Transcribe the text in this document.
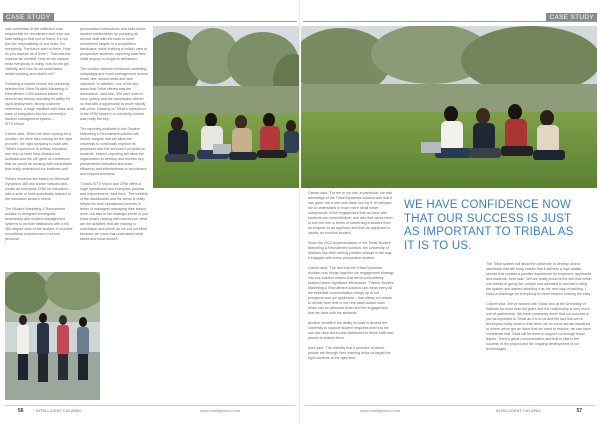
CASE STUDY

was overdrawn in the institution was responsible for recruitment and once you start talking in that sort of frame, it's not just the responsibility of one team. It's everybody. The future start to them, 'How do you capture all of them?' That was the impetus we needed. How do we capture what everybody is doing, how do we get visibility, and how do we understand what's working and what's not?'

Following a market review, the university selected the Tribal Student Marketing & Recruitment CRM solution based on several key factors including its ability for rapid deployment, strong customer references, a large installed user base and ease of integration into the university's student management system – SITS:Vision.

Calvert said: 'When we were looking for a solution, we were also looking for the right provider, the right company to work with. Tribal's experience in tertiary education can help us have New Zealand but Australia and the UK gave us confidence that we would be working with consultants that really understood our business well.'

Tribal's solutions are based on Microsoft Dynamics 365 and shown Waikato and create an enterprise CRM for education – with a suite of tools specifically tailored to the education sector's needs.

The Student Marketing & Recruitment solution is designed to integrate seamlessly with student management systems to provide institutions with a full 360-degree view of the student. It includes exceptional experiences to nurture personal

personalised interactions and build future student relationships by providing all service staff with the tools to meet recruitment targets in a competitive landscape, while building a holistic view of prospective students, capturing data from initial enquiry to length to admission.

The solution delivers enhanced marketing campaigns and event management across email, text, social media and web channels. 'In addition, one of the key areas that Tribal offered was the automation,' said him. 'We were keen to have quickly and the automation offered us that with a opportunity to move rapidly with price. Drawing on Tribal's experience in the CRM space in a university context was really the key.'

The reporting available in the Student Marketing & Recruitment solution will deliver insights that will allow the university to continually improve its processes and the services it provides to students. Indeed, reporting will allow the organisation to develop and monitor key performance indicators and drive efficiency and effectiveness in recruitment and support functions.

'Tribal's SITS Vision and CRM offers a huge operational and enterprise process and improvement,' said Kent. 'The visibility of the dashboards and the views is really helpful for both operational contexts in terms of managers managing their team's work, but also in the strategic sense of you know what's helping with conversion, what are the activities that are leading to conversion and where do we put our effort because we know that understand what works and what doesn't.'

56	INTELLIGENT CIO APAC	www.intelligentcio.com
CASE STUDY

Calvert said: 'For me in my role, in particular, the real advantage of the Tribal Dynamics solution was that it has given 'me a one-real class' tool for it. It's allowed me to understand in much more detail which components of the engagement that we have with students are most effective, and also that we've been to turn the one in terms of converting a student from an enquirer to an applicant and then an applicant to, ideally, an enrolled student.'

Since the 2022 implementation of the Tribal Student Marketing & Recruitment solution, the University of Waikato has been seeing positive change in the way it engages with every prospective student.

Calvert said: 'The fact that the Tribal Dynamics solution now brings together our engagement strategy into one solution means that we've undoubtedly realised some significant efficiencies. 'Tribal's Student Marketing & Recruitment solution can mean every all the essential communication things up to our prospects and our applicants – that allows our teams to decide from time to the rest value-added work which can be personal touch and the engagement that we have with the students.'

Another benefit is the ability for staff to access the university to support student enquiries and how we can use data stored and distributed to these staff best placed to answer them.

Kent said: 'The visibility that it provides of where people are through their learning helps us target the right students at the right time.'

WE HAVE CONFIDENCE NOW THAT OUR SUCCESS IS JUST AS IMPORTANT TO TRIBAL AS IT IS TO US.

The Tribal system will allow the university to develop and/or standards that will bring ensure that it delivers a high quality service that creates a positive experience for enquirers, applicants and students. Kent said: 'We are really proud of the fact that within one weeks of going live, people had admitted in and were using the system and started adopting it as the new way of working. I know a challenge for everybody to move beyond making the easy.'

Calvert said: 'We've worked with Tribal now at the University of Waikato for more than six years and the relationship is very much one of partnership. We have constantly move that our success is just as important to Tribal as it is to us and the fact that we've developed really close to that when we do come across situations or where we've got an issue that we need to resolve, we can have confidence that Tribal will be there to support us through those issues. There's great communication and that is vital to the success of the project and the ongoing development of our technologies.'

www.intelligentcio.com	INTELLIGENT CIO APAC	57
